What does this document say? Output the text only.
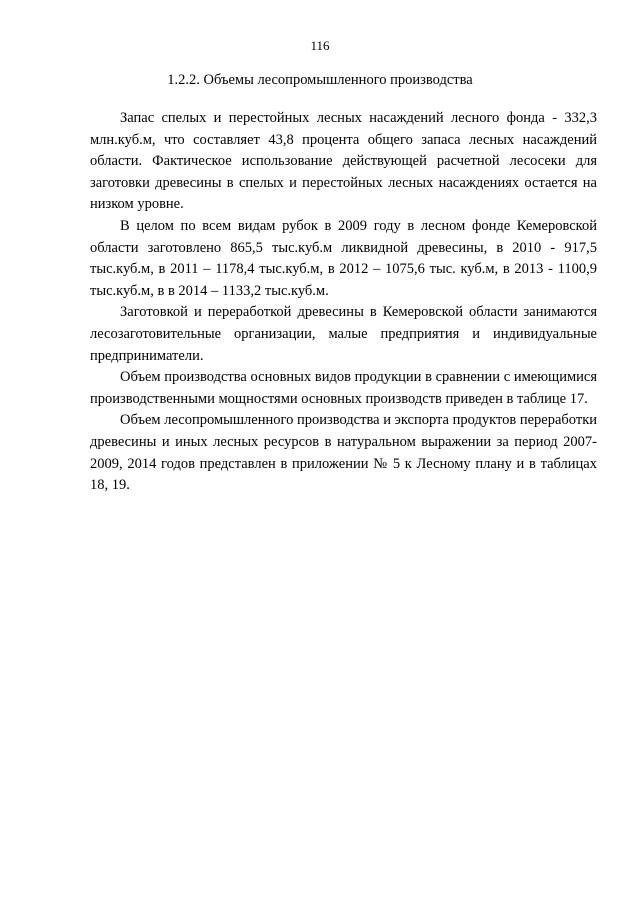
116
1.2.2. Объемы лесопромышленного производства

Запас спелых и перестойных лесных насаждений лесного фонда - 332,3 млн.куб.м, что составляет 43,8 процента общего запаса лесных насаждений области. Фактическое использование действующей расчетной лесосеки для заготовки древесины в спелых и перестойных лесных насаждениях остается на низком уровне.

В целом по всем видам рубок в 2009 году в лесном фонде Кемеровской области заготовлено 865,5 тыс.куб.м ликвидной древесины, в 2010 - 917,5 тыс.куб.м, в 2011 – 1178,4 тыс.куб.м, в 2012 – 1075,6 тыс. куб.м, в 2013 - 1100,9 тыс.куб.м, в в 2014 – 1133,2 тыс.куб.м.

Заготовкой и переработкой древесины в Кемеровской области занимаются лесозаготовительные организации, малые предприятия и индивидуальные предприниматели.

Объем производства основных видов продукции в сравнении с имеющимися производственными мощностями основных производств приведен в таблице 17.

Объем лесопромышленного производства и экспорта продуктов переработки древесины и иных лесных ресурсов в натуральном выражении за период 2007-2009, 2014 годов представлен в приложении № 5 к Лесному плану и в таблицах 18, 19.
